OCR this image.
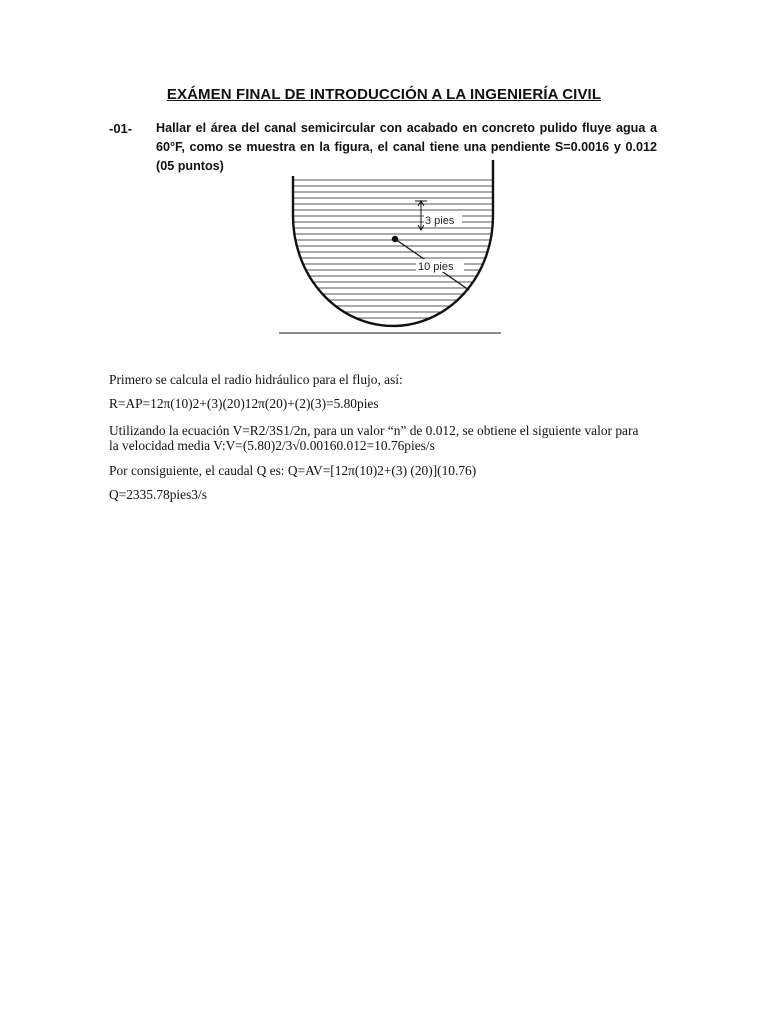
EXÁMEN FINAL DE INTRODUCCIÓN A LA INGENIERÍA CIVIL
-01- Hallar el área del canal semicircular con acabado en concreto pulido fluye agua a 60°F, como se muestra en la figura, el canal tiene una pendiente S=0.0016 y 0.012 (05 puntos)
3 pies
10 pies
Primero se calcula el radio hidráulico para el flujo, así:
R=AP=12π(10)2+(3)(20)12π(20)+(2)(3)=5.80pies
Utilizando la ecuación V=R2/3S1/2n, para un valor “n” de 0.012, se obtiene el siguiente valor para la velocidad media V:V=(5.80)2/3√0.00160.012=10.76pies/s
Por consiguiente, el caudal Q es: Q=AV=[12π(10)2+(3) (20)](10.76)
Q=2335.78pies3/s
